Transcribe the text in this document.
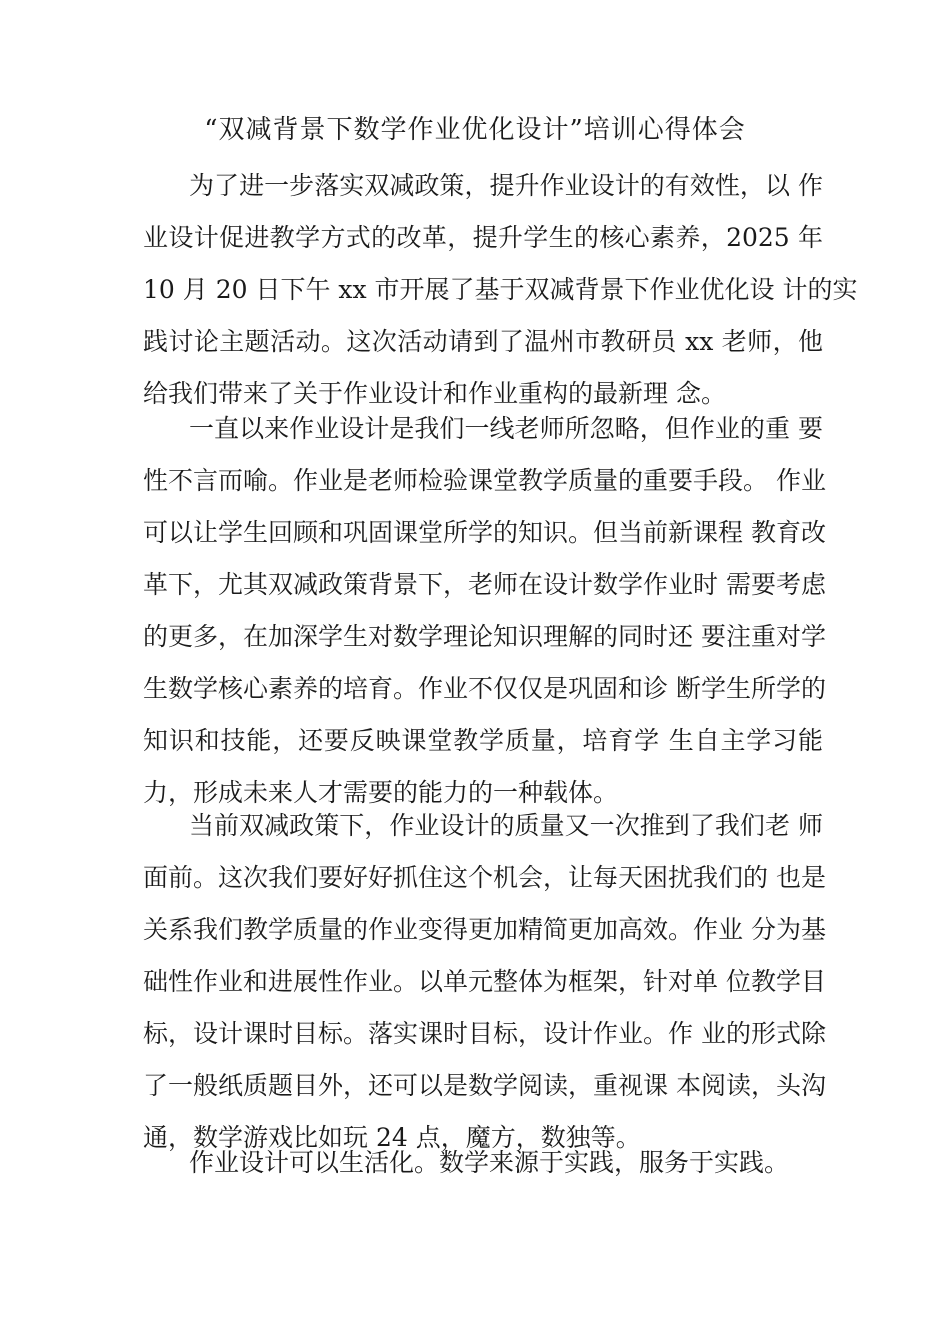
“双减背景下数学作业优化设计”培训心得体会
为了进一步落实双减政策，提升作业设计的有效性，以 作
业设计促进教学方式的改革，提升学生的核心素养，2025 年
10 月 20 日下午 xx 市开展了基于双减背景下作业优化设 计的实
践讨论主题活动。这次活动请到了温州市教研员 xx 老师，他
给我们带来了关于作业设计和作业重构的最新理 念。
一直以来作业设计是我们一线老师所忽略，但作业的重 要
性不言而喻。作业是老师检验课堂教学质量的重要手段。 作业
可以让学生回顾和巩固课堂所学的知识。但当前新课程 教育改
革下，尤其双减政策背景下，老师在设计数学作业时 需要考虑
的更多，在加深学生对数学理论知识理解的同时还 要注重对学
生数学核心素养的培育。作业不仅仅是巩固和诊 断学生所学的
知识和技能，还要反映课堂教学质量，培育学 生自主学习能
力，形成未来人才需要的能力的一种载体。
当前双减政策下，作业设计的质量又一次推到了我们老 师
面前。这次我们要好好抓住这个机会，让每天困扰我们的 也是
关系我们教学质量的作业变得更加精简更加高效。作业 分为基
础性作业和进展性作业。以单元整体为框架，针对单 位教学目
标，设计课时目标。落实课时目标，设计作业。作 业的形式除
了一般纸质题目外，还可以是数学阅读，重视课 本阅读，头沟
通，数学游戏比如玩 24 点，魔方，数独等。
作业设计可以生活化。数学来源于实践，服务于实践。
